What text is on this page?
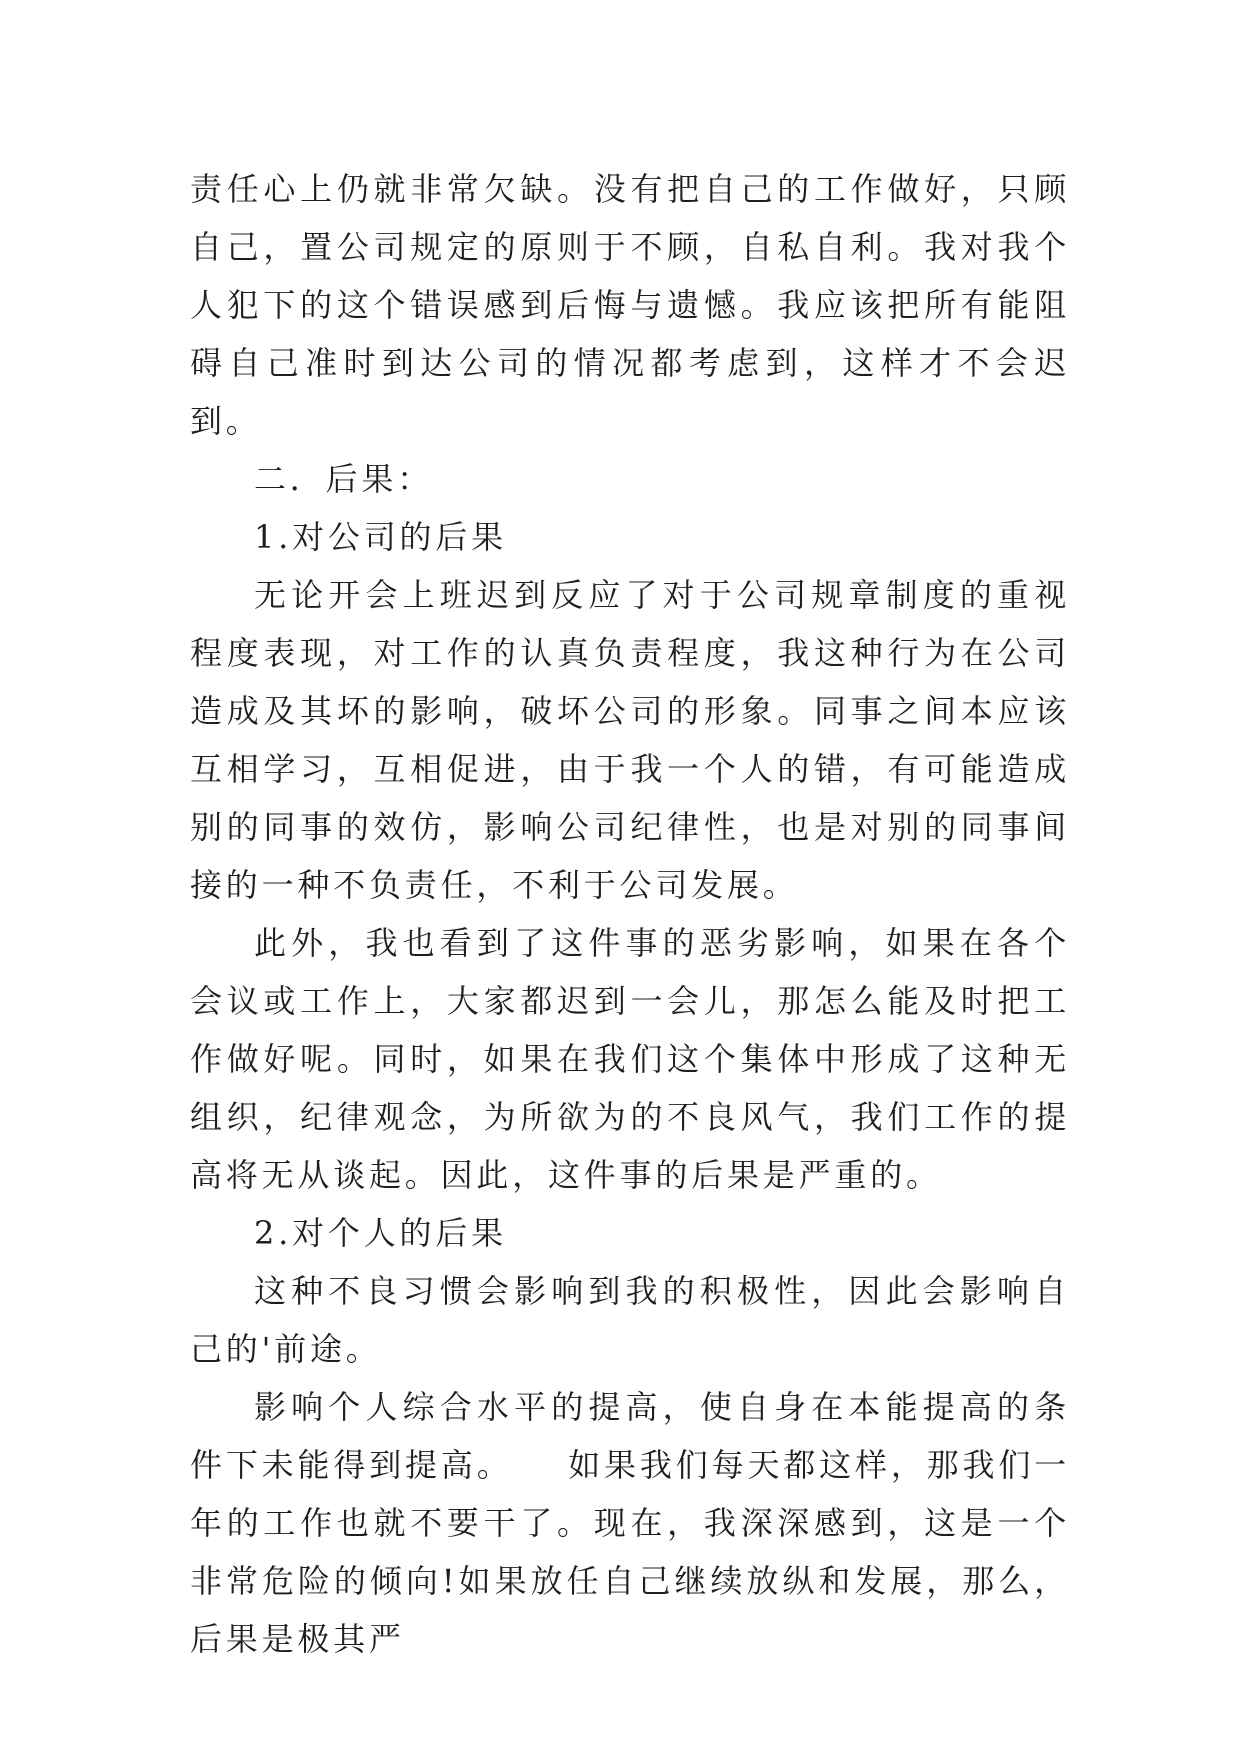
责任心上仍就非常欠缺。没有把自己的工作做好，只顾自己，置公司规定的原则于不顾，自私自利。我对我个人犯下的这个错误感到后悔与遗憾。我应该把所有能阻碍自己准时到达公司的情况都考虑到，这样才不会迟到。

二．后果：

1.对公司的后果

无论开会上班迟到反应了对于公司规章制度的重视程度表现，对工作的认真负责程度，我这种行为在公司造成及其坏的影响，破坏公司的形象。同事之间本应该互相学习，互相促进，由于我一个人的错，有可能造成别的同事的效仿，影响公司纪律性，也是对别的同事间接的一种不负责任，不利于公司发展。

此外，我也看到了这件事的恶劣影响，如果在各个会议或工作上，大家都迟到一会儿，那怎么能及时把工作做好呢。同时，如果在我们这个集体中形成了这种无组织，纪律观念，为所欲为的不良风气，我们工作的提高将无从谈起。因此，这件事的后果是严重的。

2.对个人的后果

这种不良习惯会影响到我的积极性，因此会影响自己的'前途。

影响个人综合水平的提高，使自身在本能提高的条件下未能得到提高。　　如果我们每天都这样，那我们一年的工作也就不要干了。现在，我深深感到，这是一个非常危险的倾向!如果放任自己继续放纵和发展，那么，后果是极其严
